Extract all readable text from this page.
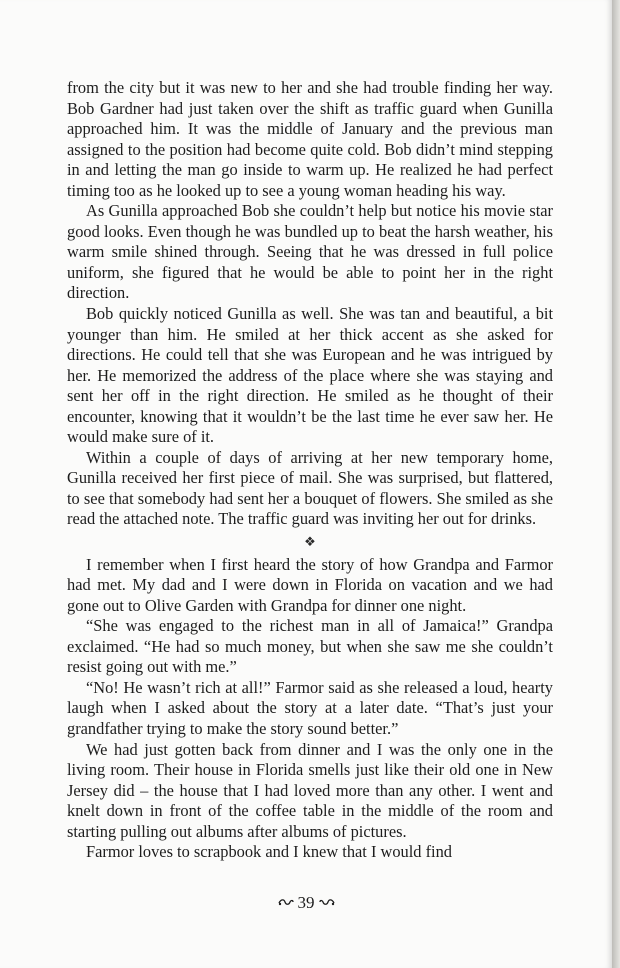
from the city but it was new to her and she had trouble finding her way. Bob Gardner had just taken over the shift as traffic guard when Gunilla approached him. It was the middle of January and the previous man assigned to the position had become quite cold. Bob didn’t mind stepping in and letting the man go inside to warm up. He realized he had perfect timing too as he looked up to see a young woman heading his way.

As Gunilla approached Bob she couldn’t help but notice his movie star good looks. Even though he was bundled up to beat the harsh weather, his warm smile shined through. Seeing that he was dressed in full police uniform, she figured that he would be able to point her in the right direction.

Bob quickly noticed Gunilla as well. She was tan and beautiful, a bit younger than him. He smiled at her thick accent as she asked for directions. He could tell that she was European and he was intrigued by her. He memorized the address of the place where she was staying and sent her off in the right direction. He smiled as he thought of their encounter, knowing that it wouldn’t be the last time he ever saw her. He would make sure of it.

Within a couple of days of arriving at her new temporary home, Gunilla received her first piece of mail. She was surprised, but flattered, to see that somebody had sent her a bouquet of flowers. She smiled as she read the attached note. The traffic guard was inviting her out for drinks.

❖

I remember when I first heard the story of how Grandpa and Farmor had met. My dad and I were down in Florida on vacation and we had gone out to Olive Garden with Grandpa for dinner one night.

“She was engaged to the richest man in all of Jamaica!” Grandpa exclaimed. “He had so much money, but when she saw me she couldn’t resist going out with me.”

“No! He wasn’t rich at all!” Farmor said as she released a loud, hearty laugh when I asked about the story at a later date. “That’s just your grandfather trying to make the story sound better.”

We had just gotten back from dinner and I was the only one in the living room. Their house in Florida smells just like their old one in New Jersey did – the house that I had loved more than any other. I went and knelt down in front of the coffee table in the middle of the room and starting pulling out albums after albums of pictures.

Farmor loves to scrapbook and I knew that I would find

39
